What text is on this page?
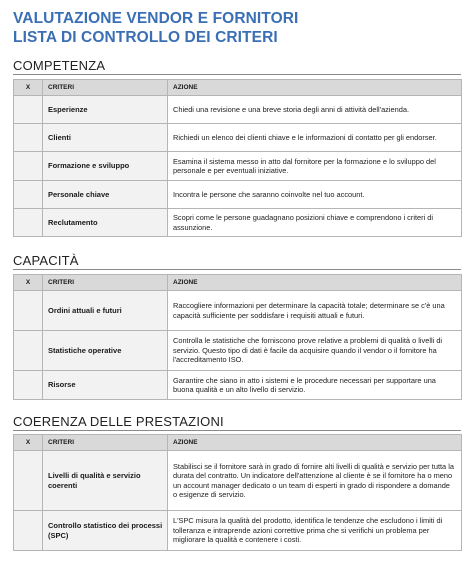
VALUTAZIONE VENDOR E FORNITORI
LISTA DI CONTROLLO DEI CRITERI
COMPETENZA
X	CRITERI	AZIONE
	Esperienze	Chiedi una revisione e una breve storia degli anni di attività dell'azienda.
	Clienti	Richiedi un elenco dei clienti chiave e le informazioni di contatto per gli endorser.
	Formazione e sviluppo	Esamina il sistema messo in atto dal fornitore per la formazione e lo sviluppo del personale e per eventuali iniziative.
	Personale chiave	Incontra le persone che saranno coinvolte nel tuo account.
	Reclutamento	Scopri come le persone guadagnano posizioni chiave e comprendono i criteri di assunzione.
CAPACITÀ
X	CRITERI	AZIONE
	Ordini attuali e futuri	Raccogliere informazioni per determinare la capacità totale; determinare se c'è una capacità sufficiente per soddisfare i requisiti attuali e futuri.
	Statistiche operative	Controlla le statistiche che forniscono prove relative a problemi di qualità o livelli di servizio. Questo tipo di dati è facile da acquisire quando il vendor o il fornitore ha l'accreditamento ISO.
	Risorse	Garantire che siano in atto i sistemi e le procedure necessari per supportare una buona qualità e un alto livello di servizio.
COERENZA DELLE PRESTAZIONI
X	CRITERI	AZIONE
	Livelli di qualità e servizio coerenti	Stabilisci se il fornitore sarà in grado di fornire alti livelli di qualità e servizio per tutta la durata del contratto. Un indicatore dell'attenzione al cliente è se il fornitore ha o meno un account manager dedicato o un team di esperti in grado di rispondere a domande o esigenze di servizio.
	Controllo statistico dei processi (SPC)	L'SPC misura la qualità del prodotto, identifica le tendenze che escludono i limiti di tolleranza e intraprende azioni correttive prima che si verifichi un problema per migliorare la qualità e contenere i costi.
